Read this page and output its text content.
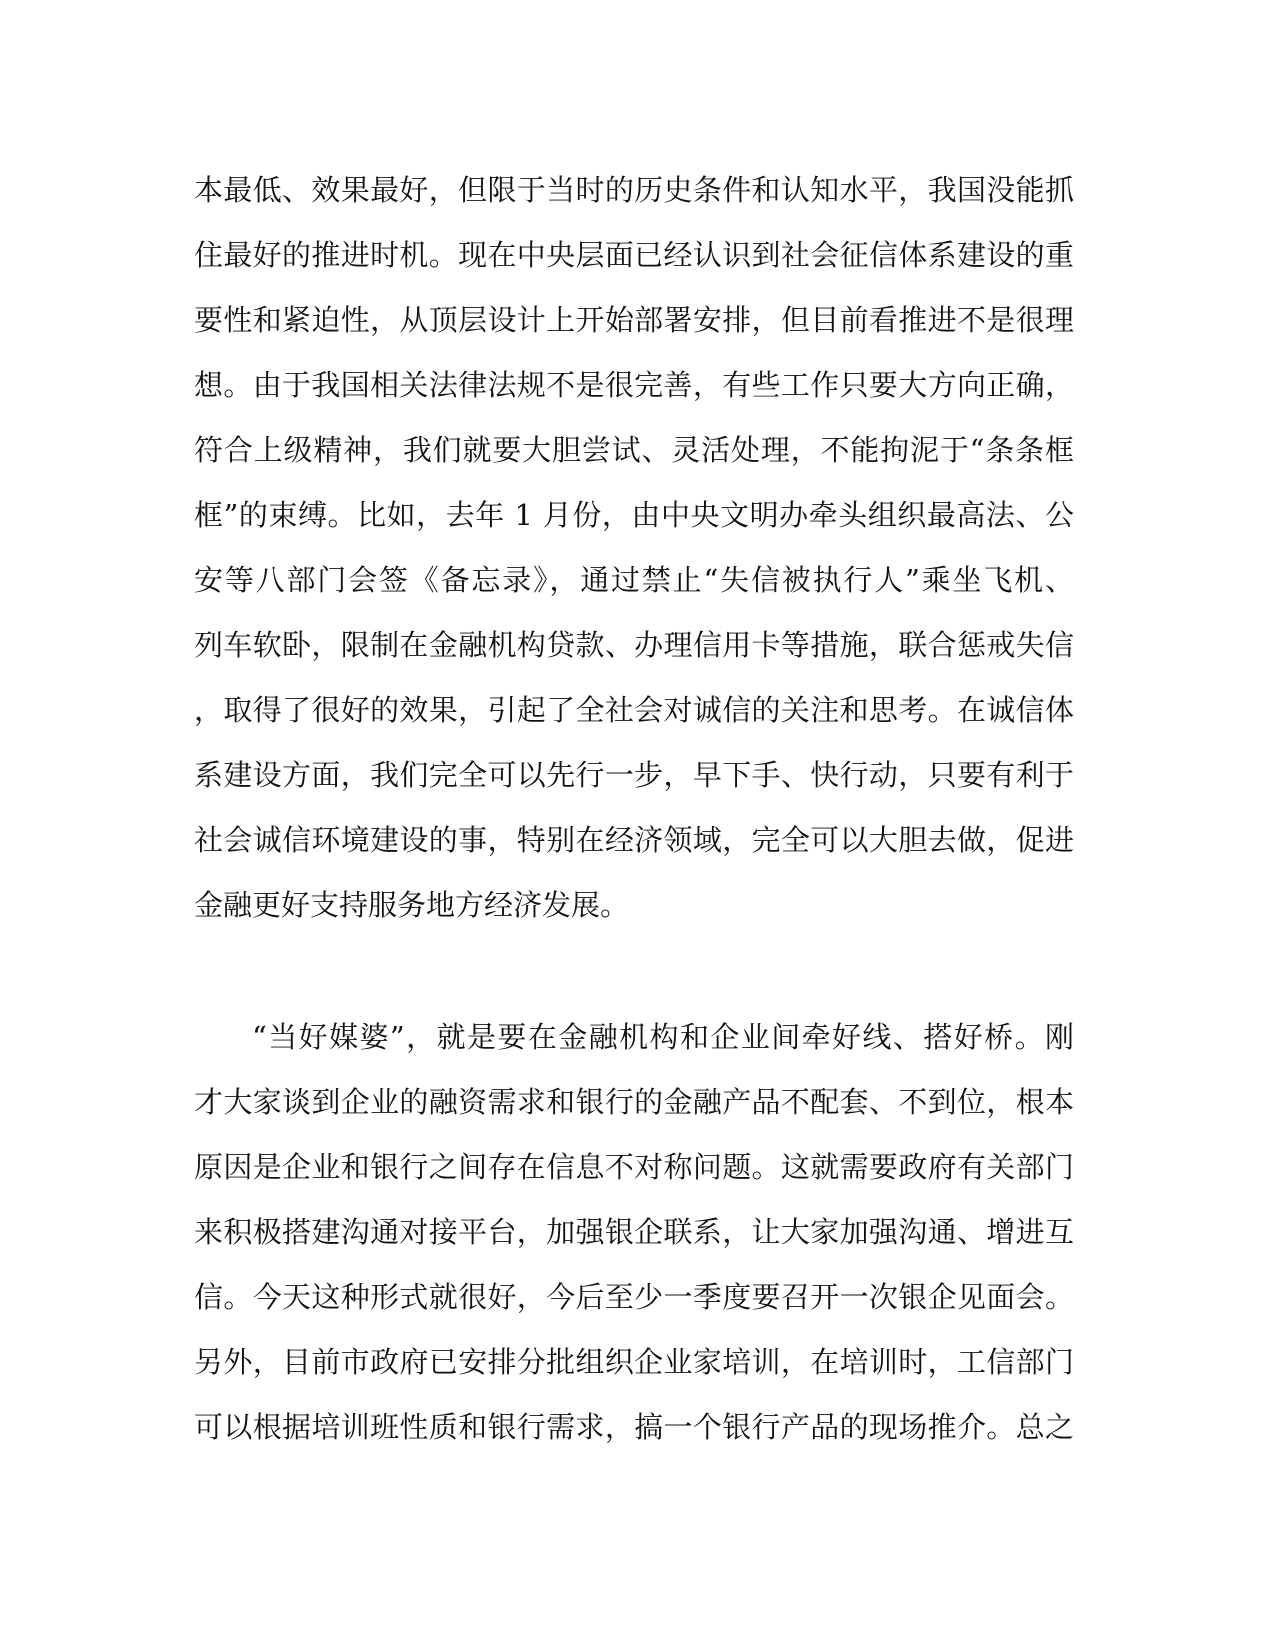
本最低、效果最好，但限于当时的历史条件和认知水平，我国没能抓
住最好的推进时机。现在中央层面已经认识到社会征信体系建设的重
要性和紧迫性，从顶层设计上开始部署安排，但目前看推进不是很理
想。由于我国相关法律法规不是很完善，有些工作只要大方向正确，
符合上级精神，我们就要大胆尝试、灵活处理，不能拘泥于“条条框
框”的束缚。比如，去年 1 月份，由中央文明办牵头组织最高法、公
安等八部门会签《备忘录》，通过禁止“失信被执行人”乘坐飞机、
列车软卧，限制在金融机构贷款、办理信用卡等措施，联合惩戒失信
，取得了很好的效果，引起了全社会对诚信的关注和思考。在诚信体
系建设方面，我们完全可以先行一步，早下手、快行动，只要有利于
社会诚信环境建设的事，特别在经济领域，完全可以大胆去做，促进
金融更好支持服务地方经济发展。
“当好媒婆”，就是要在金融机构和企业间牵好线、搭好桥。刚
才大家谈到企业的融资需求和银行的金融产品不配套、不到位，根本
原因是企业和银行之间存在信息不对称问题。这就需要政府有关部门
来积极搭建沟通对接平台，加强银企联系，让大家加强沟通、增进互
信。今天这种形式就很好，今后至少一季度要召开一次银企见面会。
另外，目前市政府已安排分批组织企业家培训，在培训时，工信部门
可以根据培训班性质和银行需求，搞一个银行产品的现场推介。总之
